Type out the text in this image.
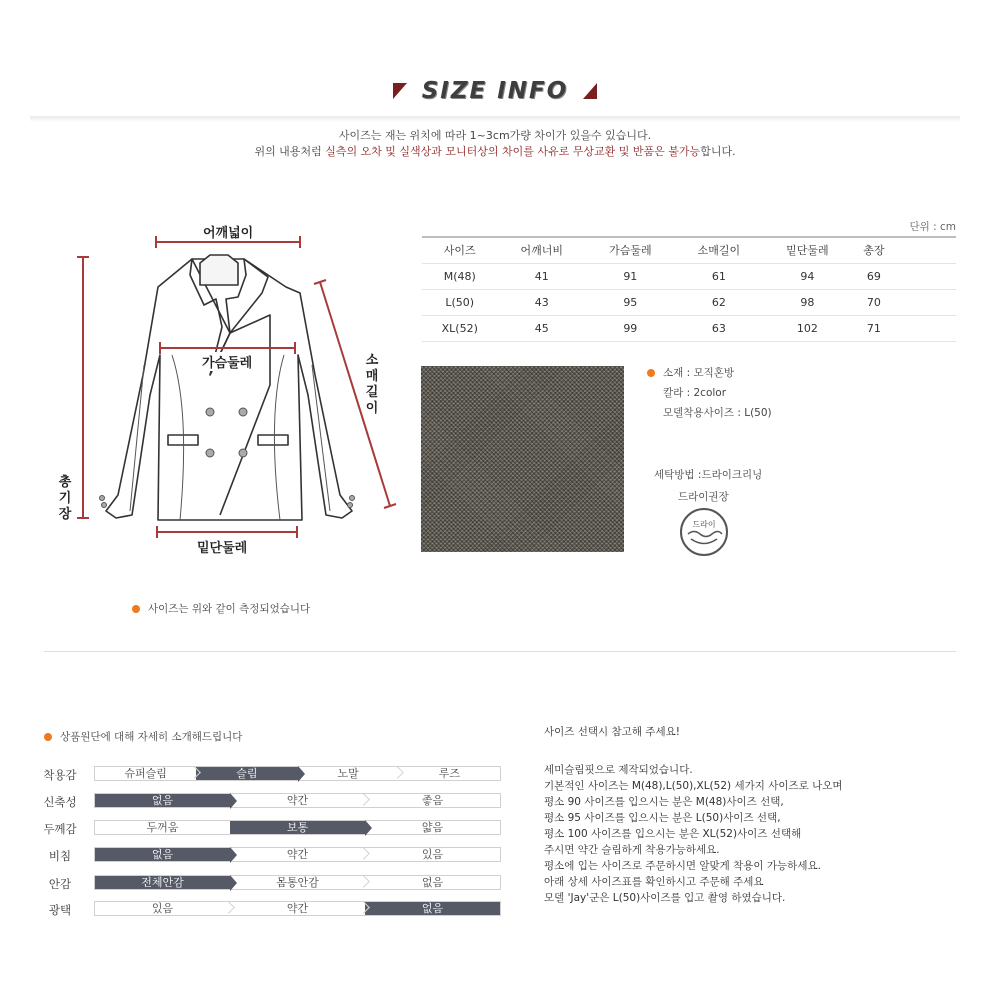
SIZE INFO
사이즈는 재는 위치에 따라 1~3cm가량 차이가 있을수 있습니다.
위의 내용처럼 실측의 오차 및 실색상과 모니터상의 차이를 사유로 무상교환 및 반품은 불가능합니다.
어깨넓이
가슴둘레
밑단둘레
소
매
길
이
총
기
장
사이즈는 위와 같이 측정되었습니다
단위 : cm
사이즈	어깨너비	가슴둘레	소매길이	밑단둘레	총장	
M(48)	41	91	61	94	69	
L(50)	43	95	62	98	70	
XL(52)	45	99	63	102	71	
소재 : 모직혼방
칼라 : 2color
모델착용사이즈 : L(50)
세탁방법 :드라이크리닝
드라이권장
드라이
상품원단에 대해 자세히 소개해드립니다
착용감	슈퍼슬림	슬림	노말	루즈
신축성	없음	약간	좋음
두께감	두꺼움	보통	얇음
비침	없음	약간	있음
안감	전체안감	몸통안감	없음
광택	있음	약간	없음
사이즈 선택시 참고해 주세요!
세미슬림핏으로 제작되었습니다.
기본적인 사이즈는 M(48),L(50),XL(52) 세가지 사이즈로 나오며
평소 90 사이즈를 입으시는 분은 M(48)사이즈 선택,
평소 95 사이즈를 입으시는 분은 L(50)사이즈 선택,
평소 100 사이즈를 입으시는 분은 XL(52)사이즈 선택해
주시면 약간 슬림하게 착용가능하세요.
평소에 입는 사이즈로 주문하시면 알맞게 착용이 가능하세요.
아래 상세 사이즈표를 확인하시고 주문해 주세요
모델 'Jay'군은 L(50)사이즈를 입고 촬영 하였습니다.
